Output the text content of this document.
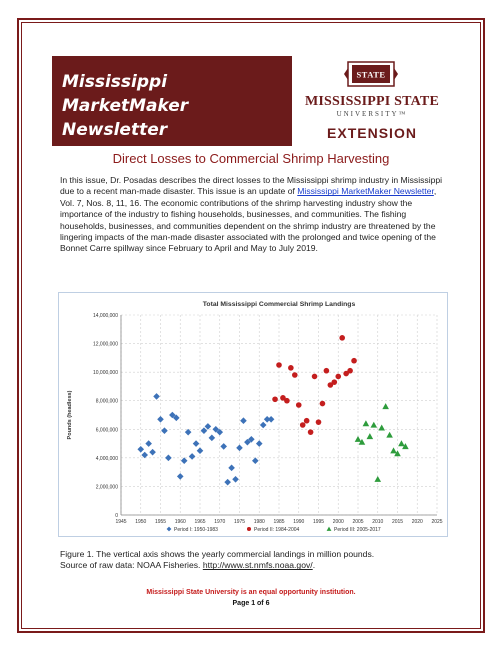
Mississippi MarketMaker
Newsletter
STATE
MISSISSIPPI STATE
UNIVERSITY™
EXTENSION
Direct Losses to Commercial Shrimp Harvesting

In this issue, Dr. Posadas describes the direct losses to the Mississippi shrimp industry in Mississippi due to a recent man-made disaster. This issue is an update of Mississippi MarketMaker Newsletter, Vol. 7, Nos. 8, 11, 16. The economic contributions of the shrimp harvesting industry show the importance of the industry to fishing households, businesses, and communities. The fishing households, businesses, and communities dependent on the shrimp industry are threatened by the lingering impacts of the man-made disaster associated with the prolonged and twice opening of the Bonnet Carre spillway since February to April and May to July 2019.

Total Mississippi Commercial Shrimp Landings
0
2,000,000
4,000,000
6,000,000
8,000,000
10,000,000
12,000,000
14,000,000
1945 1950 1955 1960 1965 1970 1975 1980 1985 1990 1995 2000 2005 2010 2015 2020 2025
Pounds (headless)
Period I: 1950-1983	Period II: 1984-2004	Period III: 2005-2017

Figure 1. The vertical axis shows the yearly commercial landings in million pounds.
Source of raw data: NOAA Fisheries. http://www.st.nmfs.noaa.gov/.

Mississippi State University is an equal opportunity institution.
Page 1 of 6
